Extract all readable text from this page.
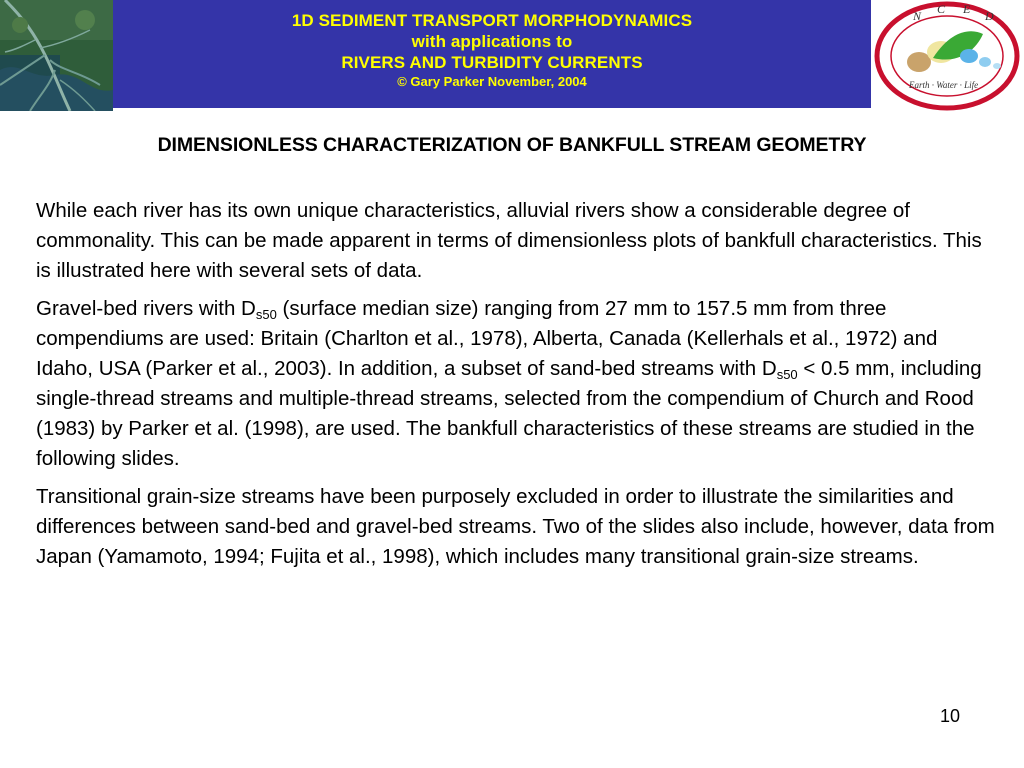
1D SEDIMENT TRANSPORT MORPHODYNAMICS
with applications to
RIVERS AND TURBIDITY CURRENTS
© Gary Parker November, 2004
N C E D
Earth · Water · Life
DIMENSIONLESS CHARACTERIZATION OF BANKFULL STREAM GEOMETRY

While each river has its own unique characteristics, alluvial rivers show a considerable degree of commonality. This can be made apparent in terms of dimensionless plots of bankfull characteristics. This is illustrated here with several sets of data.

Gravel-bed rivers with $D_{s50}$ (surface median size) ranging from 27 mm to 157.5 mm from three compendiums are used: Britain (Charlton et al., 1978), Alberta, Canada (Kellerhals et al., 1972) and Idaho, USA (Parker et al., 2003). In addition, a subset of sand-bed streams with $D_{s50} < 0.5$ mm, including single-thread streams and multiple-thread streams, selected from the compendium of Church and Rood (1983) by Parker et al. (1998), are used. The bankfull characteristics of these streams are studied in the following slides.

Transitional grain-size streams have been purposely excluded in order to illustrate the similarities and differences between sand-bed and gravel-bed streams. Two of the slides also include, however, data from Japan (Yamamoto, 1994; Fujita et al., 1998), which includes many transitional grain-size streams.

10
